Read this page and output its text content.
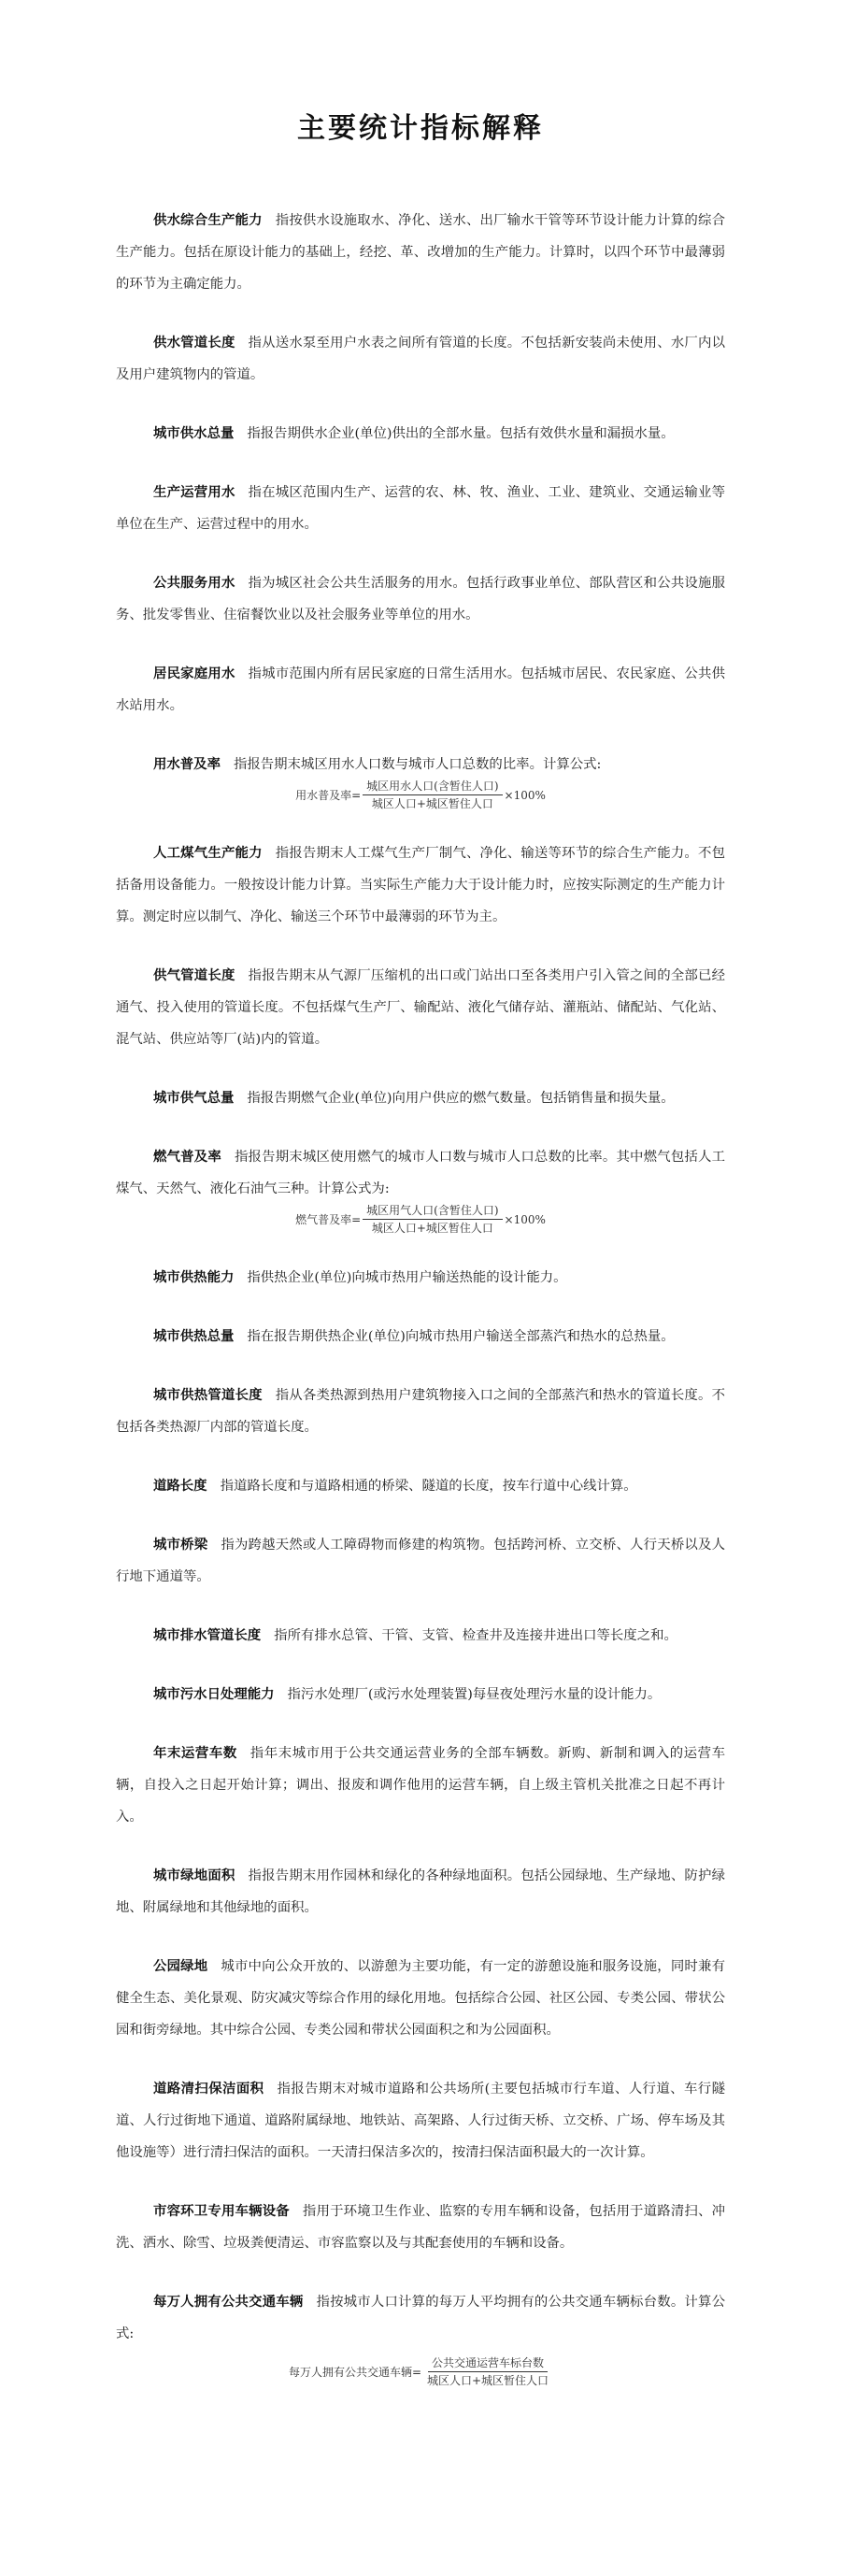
主要统计指标解释

供水综合生产能力 指按供水设施取水、净化、送水、出厂输水干管等环节设计能力计算的综合生产能力。包括在原设计能力的基础上，经挖、革、改增加的生产能力。计算时，以四个环节中最薄弱的环节为主确定能力。

供水管道长度 指从送水泵至用户水表之间所有管道的长度。不包括新安装尚未使用、水厂内以及用户建筑物内的管道。

城市供水总量 指报告期供水企业(单位)供出的全部水量。包括有效供水量和漏损水量。

生产运营用水 指在城区范围内生产、运营的农、林、牧、渔业、工业、建筑业、交通运输业等单位在生产、运营过程中的用水。

公共服务用水 指为城区社会公共生活服务的用水。包括行政事业单位、部队营区和公共设施服务、批发零售业、住宿餐饮业以及社会服务业等单位的用水。

居民家庭用水 指城市范围内所有居民家庭的日常生活用水。包括城市居民、农民家庭、公共供水站用水。

用水普及率 指报告期末城区用水人口数与城市人口总数的比率。计算公式:

用水普及率= $\frac{\text{城区用水人口(含暂住人口)}}{\text{城区人口+城区暂住人口}} \times 100\%$

人工煤气生产能力 指报告期末人工煤气生产厂制气、净化、输送等环节的综合生产能力。不包括备用设备能力。一般按设计能力计算。当实际生产能力大于设计能力时，应按实际测定的生产能力计算。测定时应以制气、净化、输送三个环节中最薄弱的环节为主。

供气管道长度 指报告期末从气源厂压缩机的出口或门站出口至各类用户引入管之间的全部已经通气、投入使用的管道长度。不包括煤气生产厂、输配站、液化气储存站、灌瓶站、储配站、气化站、混气站、供应站等厂(站)内的管道。

城市供气总量 指报告期燃气企业(单位)向用户供应的燃气数量。包括销售量和损失量。

燃气普及率 指报告期末城区使用燃气的城市人口数与城市人口总数的比率。其中燃气包括人工煤气、天然气、液化石油气三种。计算公式为:

燃气普及率= $\frac{\text{城区用气人口(含暂住人口)}}{\text{城区人口+城区暂住人口}} \times 100\%$

城市供热能力 指供热企业(单位)向城市热用户输送热能的设计能力。

城市供热总量 指在报告期供热企业(单位)向城市热用户输送全部蒸汽和热水的总热量。

城市供热管道长度 指从各类热源到热用户建筑物接入口之间的全部蒸汽和热水的管道长度。不包括各类热源厂内部的管道长度。

道路长度 指道路长度和与道路相通的桥梁、隧道的长度，按车行道中心线计算。

城市桥梁 指为跨越天然或人工障碍物而修建的构筑物。包括跨河桥、立交桥、人行天桥以及人行地下通道等。

城市排水管道长度 指所有排水总管、干管、支管、检查井及连接井进出口等长度之和。

城市污水日处理能力 指污水处理厂(或污水处理装置)每昼夜处理污水量的设计能力。

年末运营车数 指年末城市用于公共交通运营业务的全部车辆数。新购、新制和调入的运营车辆，自投入之日起开始计算；调出、报废和调作他用的运营车辆，自上级主管机关批准之日起不再计入。

城市绿地面积 指报告期末用作园林和绿化的各种绿地面积。包括公园绿地、生产绿地、防护绿地、附属绿地和其他绿地的面积。

公园绿地 城市中向公众开放的、以游憩为主要功能，有一定的游憩设施和服务设施，同时兼有健全生态、美化景观、防灾减灾等综合作用的绿化用地。包括综合公园、社区公园、专类公园、带状公园和街旁绿地。其中综合公园、专类公园和带状公园面积之和为公园面积。

道路清扫保洁面积 指报告期末对城市道路和公共场所(主要包括城市行车道、人行道、车行隧道、人行过街地下通道、道路附属绿地、地铁站、高架路、人行过街天桥、立交桥、广场、停车场及其他设施等）进行清扫保洁的面积。一天清扫保洁多次的，按清扫保洁面积最大的一次计算。

市容环卫专用车辆设备 指用于环境卫生作业、监察的专用车辆和设备，包括用于道路清扫、冲洗、洒水、除雪、垃圾粪便清运、市容监察以及与其配套使用的车辆和设备。

每万人拥有公共交通车辆 指按城市人口计算的每万人平均拥有的公共交通车辆标台数。计算公式:

每万人拥有公共交通车辆= $\frac{\text{公共交通运营车标台数}}{\text{城区人口+城区暂住人口}}$
